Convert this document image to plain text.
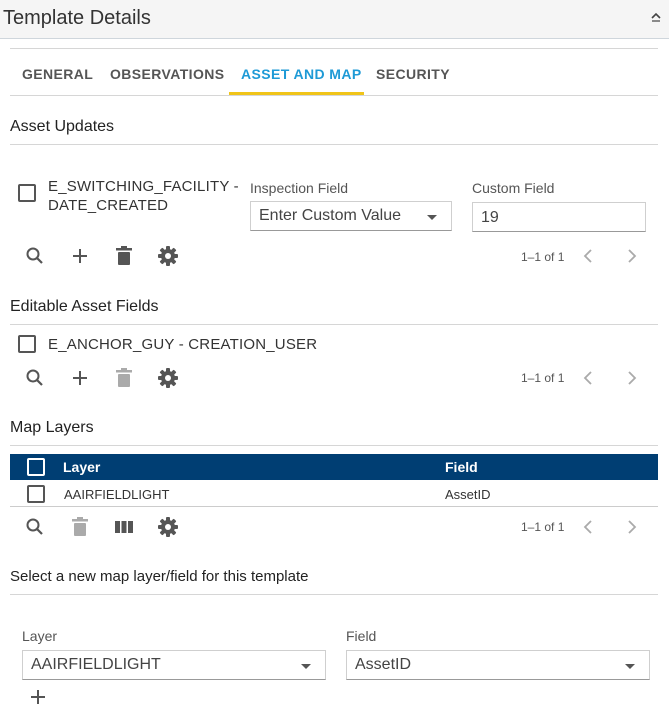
Template Details
GENERAL OBSERVATIONS ASSET AND MAP SECURITY
Asset Updates
E_SWITCHING_FACILITY -
DATE_CREATED
Inspection Field
Enter Custom Value
Custom Field
19
1–1 of 1
Editable Asset Fields
E_ANCHOR_GUY - CREATION_USER
1–1 of 1
Map Layers
Layer	Field
AAIRFIELDLIGHT	AssetID
1–1 of 1
Select a new map layer/field for this template
Layer
AAIRFIELDLIGHT
Field
AssetID
